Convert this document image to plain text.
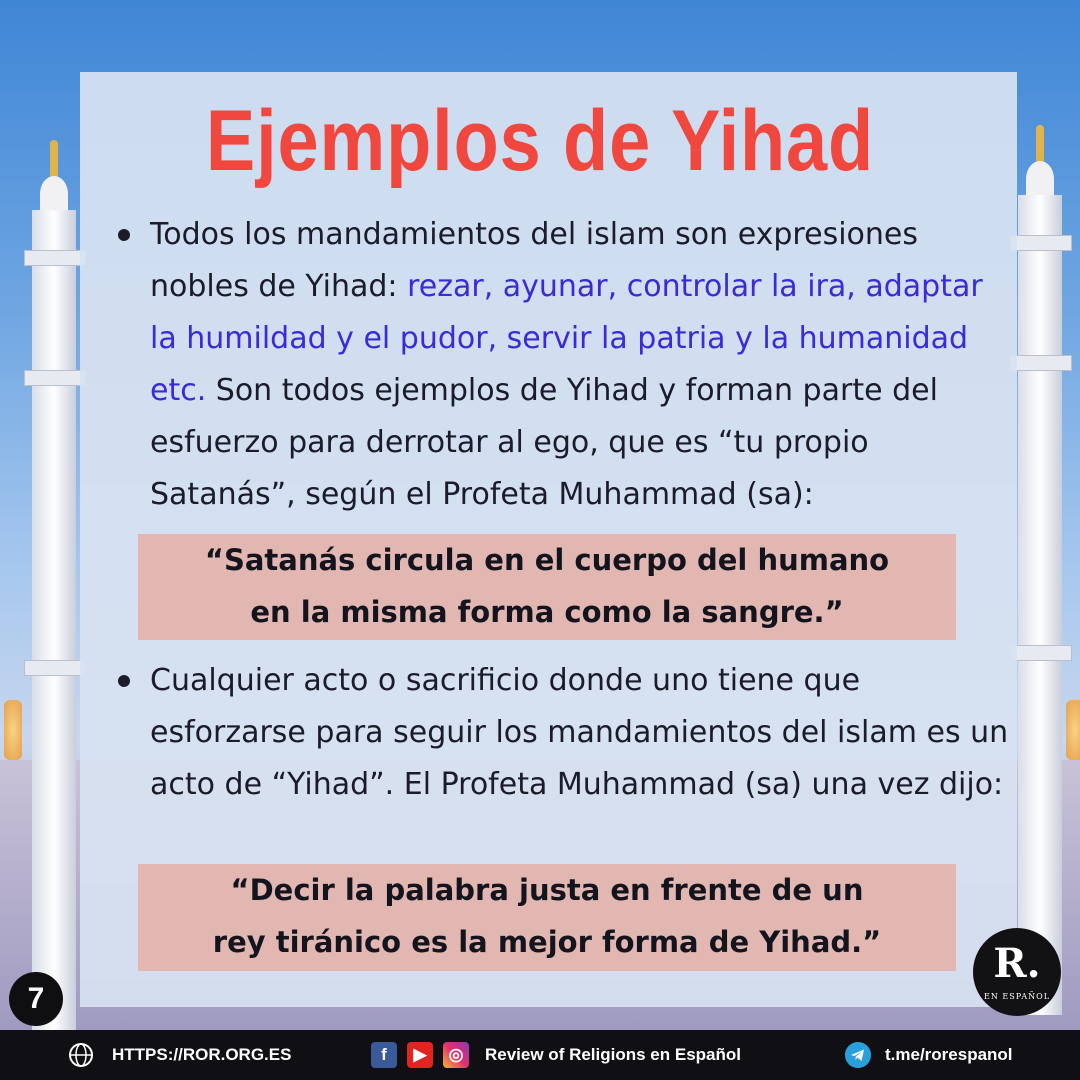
Ejemplos de Yihad

Todos los mandamientos del islam son expresiones nobles de Yihad: rezar, ayunar, controlar la ira, adaptar la humildad y el pudor, servir la patria y la humanidad etc. Son todos ejemplos de Yihad y forman parte del esfuerzo para derrotar al ego, que es “tu propio Satanás”, según el Profeta Muhammad (sa):

“Satanás circula en el cuerpo del humano
en la misma forma como la sangre.”

Cualquier acto o sacrificio donde uno tiene que esforzarse para seguir los mandamientos del islam es un acto de “Yihad”. El Profeta Muhammad (sa) una vez dijo:

“Decir la palabra justa en frente de un
rey tiránico es la mejor forma de Yihad.”
7
R.
EN ESPAÑOL
HTTPS://ROR.ORG.ES	f	▶	◎	Review of Religions en Español	t.me/rorespanol
